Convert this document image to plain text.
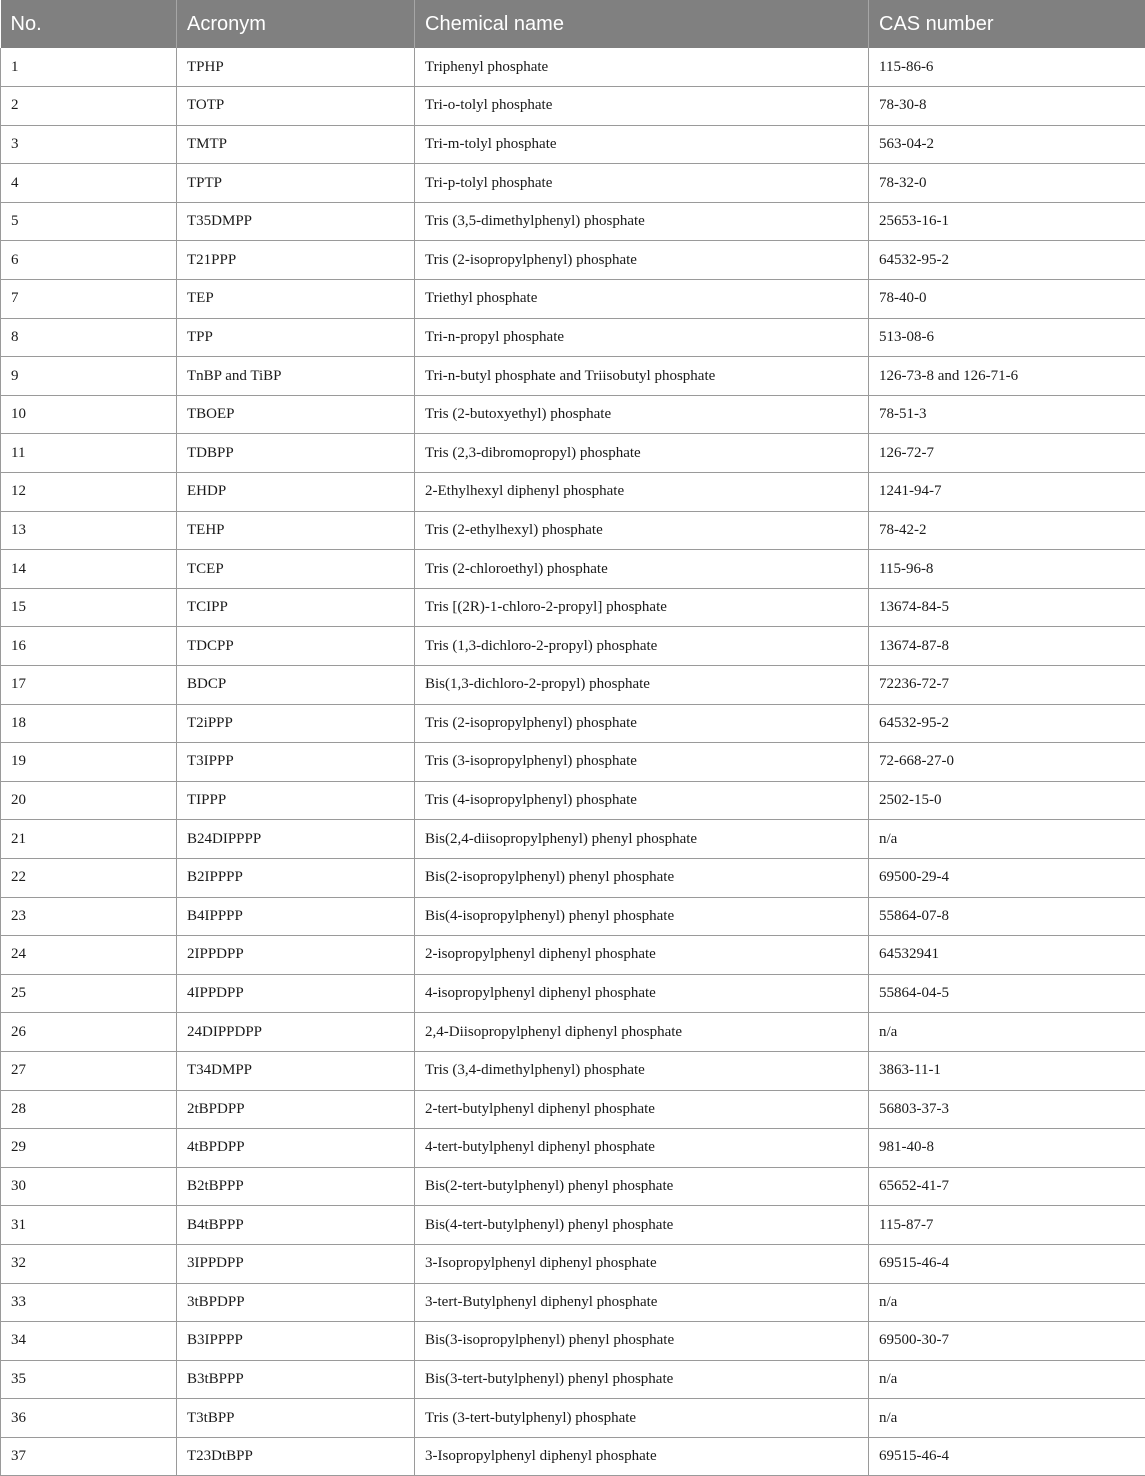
No.	Acronym	Chemical name	CAS number
1	TPHP	Triphenyl phosphate	115-86-6
2	TOTP	Tri-o-tolyl phosphate	78-30-8
3	TMTP	Tri-m-tolyl phosphate	563-04-2
4	TPTP	Tri-p-tolyl phosphate	78-32-0
5	T35DMPP	Tris (3,5-dimethylphenyl) phosphate	25653-16-1
6	T21PPP	Tris (2-isopropylphenyl) phosphate	64532-95-2
7	TEP	Triethyl phosphate	78-40-0
8	TPP	Tri-n-propyl phosphate	513-08-6
9	TnBP and TiBP	Tri-n-butyl phosphate and Triisobutyl phosphate	126-73-8 and 126-71-6
10	TBOEP	Tris (2-butoxyethyl) phosphate	78-51-3
11	TDBPP	Tris (2,3-dibromopropyl) phosphate	126-72-7
12	EHDP	2-Ethylhexyl diphenyl phosphate	1241-94-7
13	TEHP	Tris (2-ethylhexyl) phosphate	78-42-2
14	TCEP	Tris (2-chloroethyl) phosphate	115-96-8
15	TCIPP	Tris [(2R)-1-chloro-2-propyl] phosphate	13674-84-5
16	TDCPP	Tris (1,3-dichloro-2-propyl) phosphate	13674-87-8
17	BDCP	Bis(1,3-dichloro-2-propyl) phosphate	72236-72-7
18	T2iPPP	Tris (2-isopropylphenyl) phosphate	64532-95-2
19	T3IPPP	Tris (3-isopropylphenyl) phosphate	72-668-27-0
20	TIPPP	Tris (4-isopropylphenyl) phosphate	2502-15-0
21	B24DIPPPP	Bis(2,4-diisopropylphenyl) phenyl phosphate	n/a
22	B2IPPPP	Bis(2-isopropylphenyl) phenyl phosphate	69500-29-4
23	B4IPPPP	Bis(4-isopropylphenyl) phenyl phosphate	55864-07-8
24	2IPPDPP	2-isopropylphenyl diphenyl phosphate	64532941
25	4IPPDPP	4-isopropylphenyl diphenyl phosphate	55864-04-5
26	24DIPPDPP	2,4-Diisopropylphenyl diphenyl phosphate	n/a
27	T34DMPP	Tris (3,4-dimethylphenyl) phosphate	3863-11-1
28	2tBPDPP	2-tert-butylphenyl diphenyl phosphate	56803-37-3
29	4tBPDPP	4-tert-butylphenyl diphenyl phosphate	981-40-8
30	B2tBPPP	Bis(2-tert-butylphenyl) phenyl phosphate	65652-41-7
31	B4tBPPP	Bis(4-tert-butylphenyl) phenyl phosphate	115-87-7
32	3IPPDPP	3-Isopropylphenyl diphenyl phosphate	69515-46-4
33	3tBPDPP	3-tert-Butylphenyl diphenyl phosphate	n/a
34	B3IPPPP	Bis(3-isopropylphenyl) phenyl phosphate	69500-30-7
35	B3tBPPP	Bis(3-tert-butylphenyl) phenyl phosphate	n/a
36	T3tBPP	Tris (3-tert-butylphenyl) phosphate	n/a
37	T23DtBPP	3-Isopropylphenyl diphenyl phosphate	69515-46-4
